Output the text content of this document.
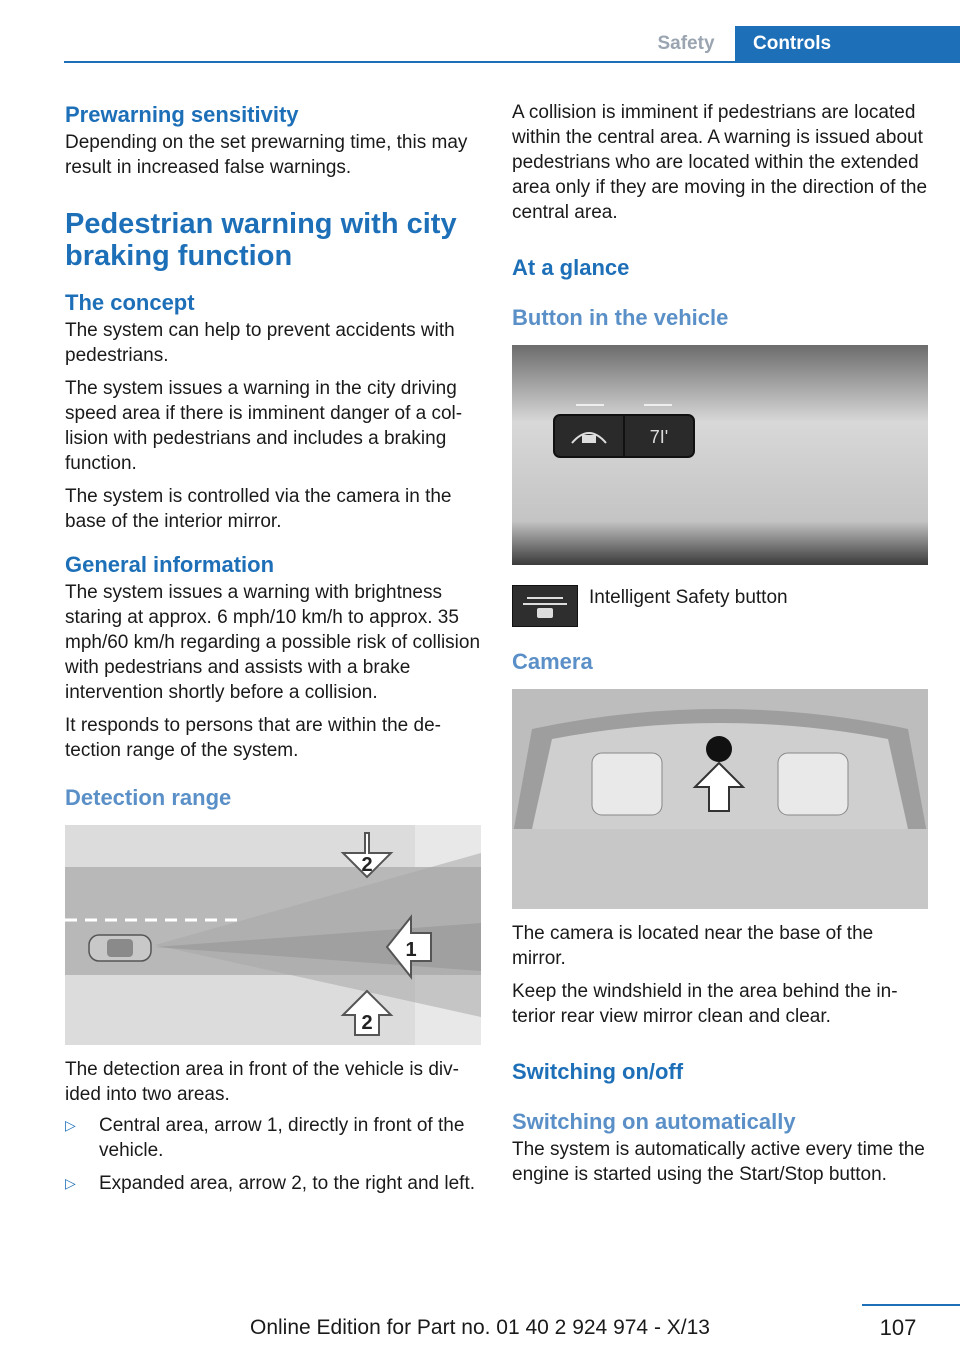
Safety	Controls
Prewarning sensitivity

Depending on the set prewarning time, this may result in increased false warnings.

Pedestrian warning with city braking function
The concept

The system can help to prevent accidents with pedestrians.

The system issues a warning in the city driving speed area if there is imminent danger of a collision with pedestrians and includes a braking function.

The system is controlled via the camera in the base of the interior mirror.

General information

The system issues a warning with brightness staring at approx. 6 mph/10 km/h to approx. 35 mph/60 km/h regarding a possible risk of collision with pedestrians and assists with a brake intervention shortly before a collision.

It responds to persons that are within the detection range of the system.

Detection range
2
1
2

The detection area in front of the vehicle is divided into two areas.

▷	Central area, arrow 1, directly in front of the vehicle.
▷	Expanded area, arrow 2, to the right and left.

A collision is imminent if pedestrians are located within the central area. A warning is issued about pedestrians who are located within the extended area only if they are moving in the direction of the central area.

At a glance
Button in the vehicle
7I'

Intelligent Safety button

Camera

The camera is located near the base of the mirror.

Keep the windshield in the area behind the interior rear view mirror clean and clear.

Switching on/off
Switching on automatically

The system is automatically active every time the engine is started using the Start/Stop button.

107
Online Edition for Part no. 01 40 2 924 974 - X/13
